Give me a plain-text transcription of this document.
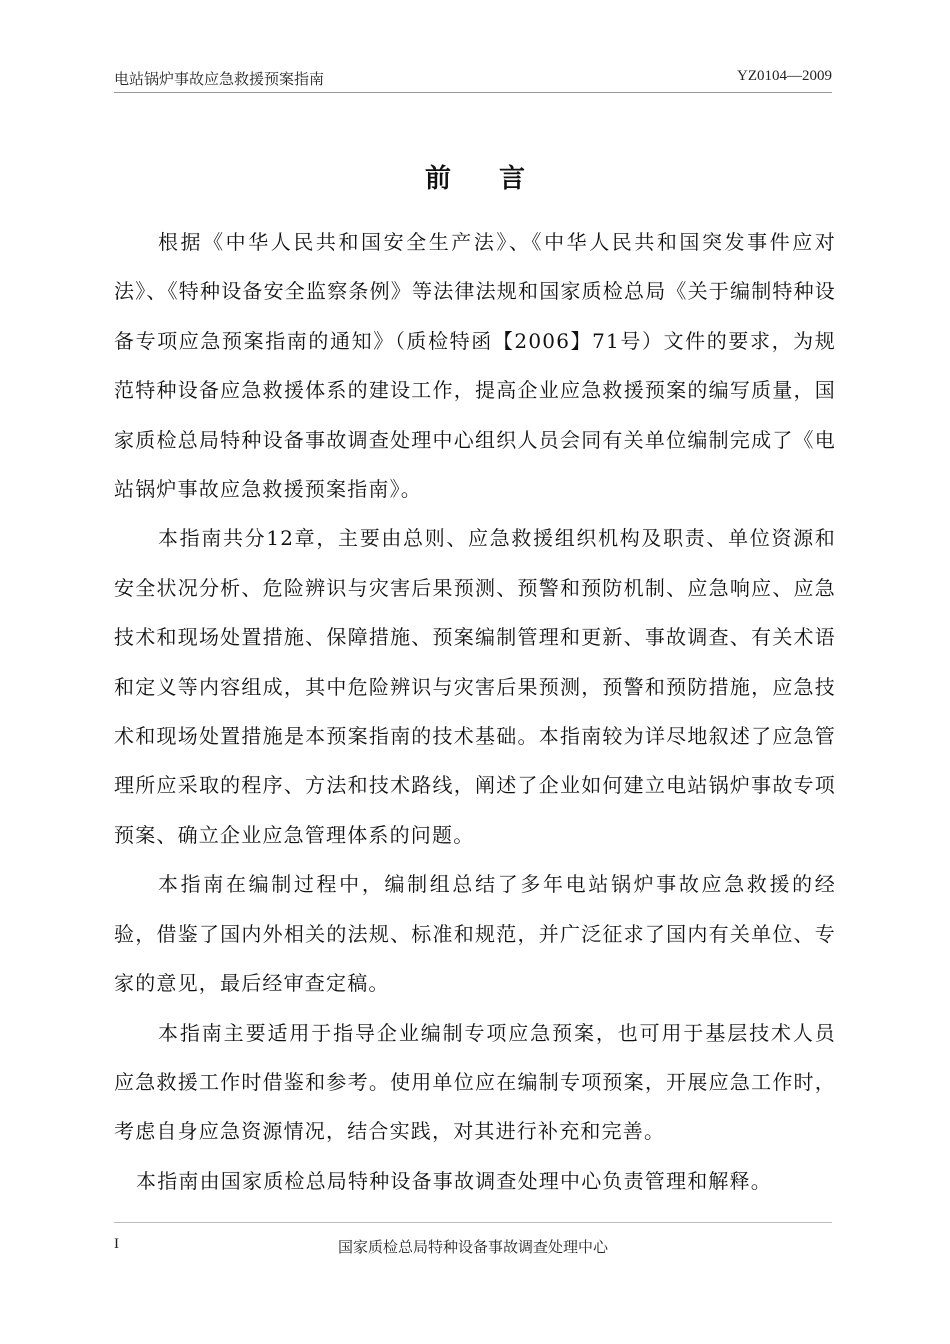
电站锅炉事故应急救援预案指南	YZ0104—2009
前言

根据《中华人民共和国安全生产法》、《中华人民共和国突发事件应对法》、《特种设备安全监察条例》等法律法规和国家质检总局《关于编制特种设备专项应急预案指南的通知》（质检特函【2006】71号）文件的要求，为规范特种设备应急救援体系的建设工作，提高企业应急救援预案的编写质量，国家质检总局特种设备事故调查处理中心组织人员会同有关单位编制完成了《电站锅炉事故应急救援预案指南》。

本指南共分12章，主要由总则、应急救援组织机构及职责、单位资源和安全状况分析、危险辨识与灾害后果预测、预警和预防机制、应急响应、应急技术和现场处置措施、保障措施、预案编制管理和更新、事故调查、有关术语和定义等内容组成，其中危险辨识与灾害后果预测，预警和预防措施，应急技术和现场处置措施是本预案指南的技术基础。本指南较为详尽地叙述了应急管理所应采取的程序、方法和技术路线，阐述了企业如何建立电站锅炉事故专项预案、确立企业应急管理体系的问题。

本指南在编制过程中，编制组总结了多年电站锅炉事故应急救援的经验，借鉴了国内外相关的法规、标准和规范，并广泛征求了国内有关单位、专家的意见，最后经审查定稿。

本指南主要适用于指导企业编制专项应急预案，也可用于基层技术人员应急救援工作时借鉴和参考。使用单位应在编制专项预案，开展应急工作时，考虑自身应急资源情况，结合实践，对其进行补充和完善。

本指南由国家质检总局特种设备事故调查处理中心负责管理和解释。

I	国家质检总局特种设备事故调查处理中心
